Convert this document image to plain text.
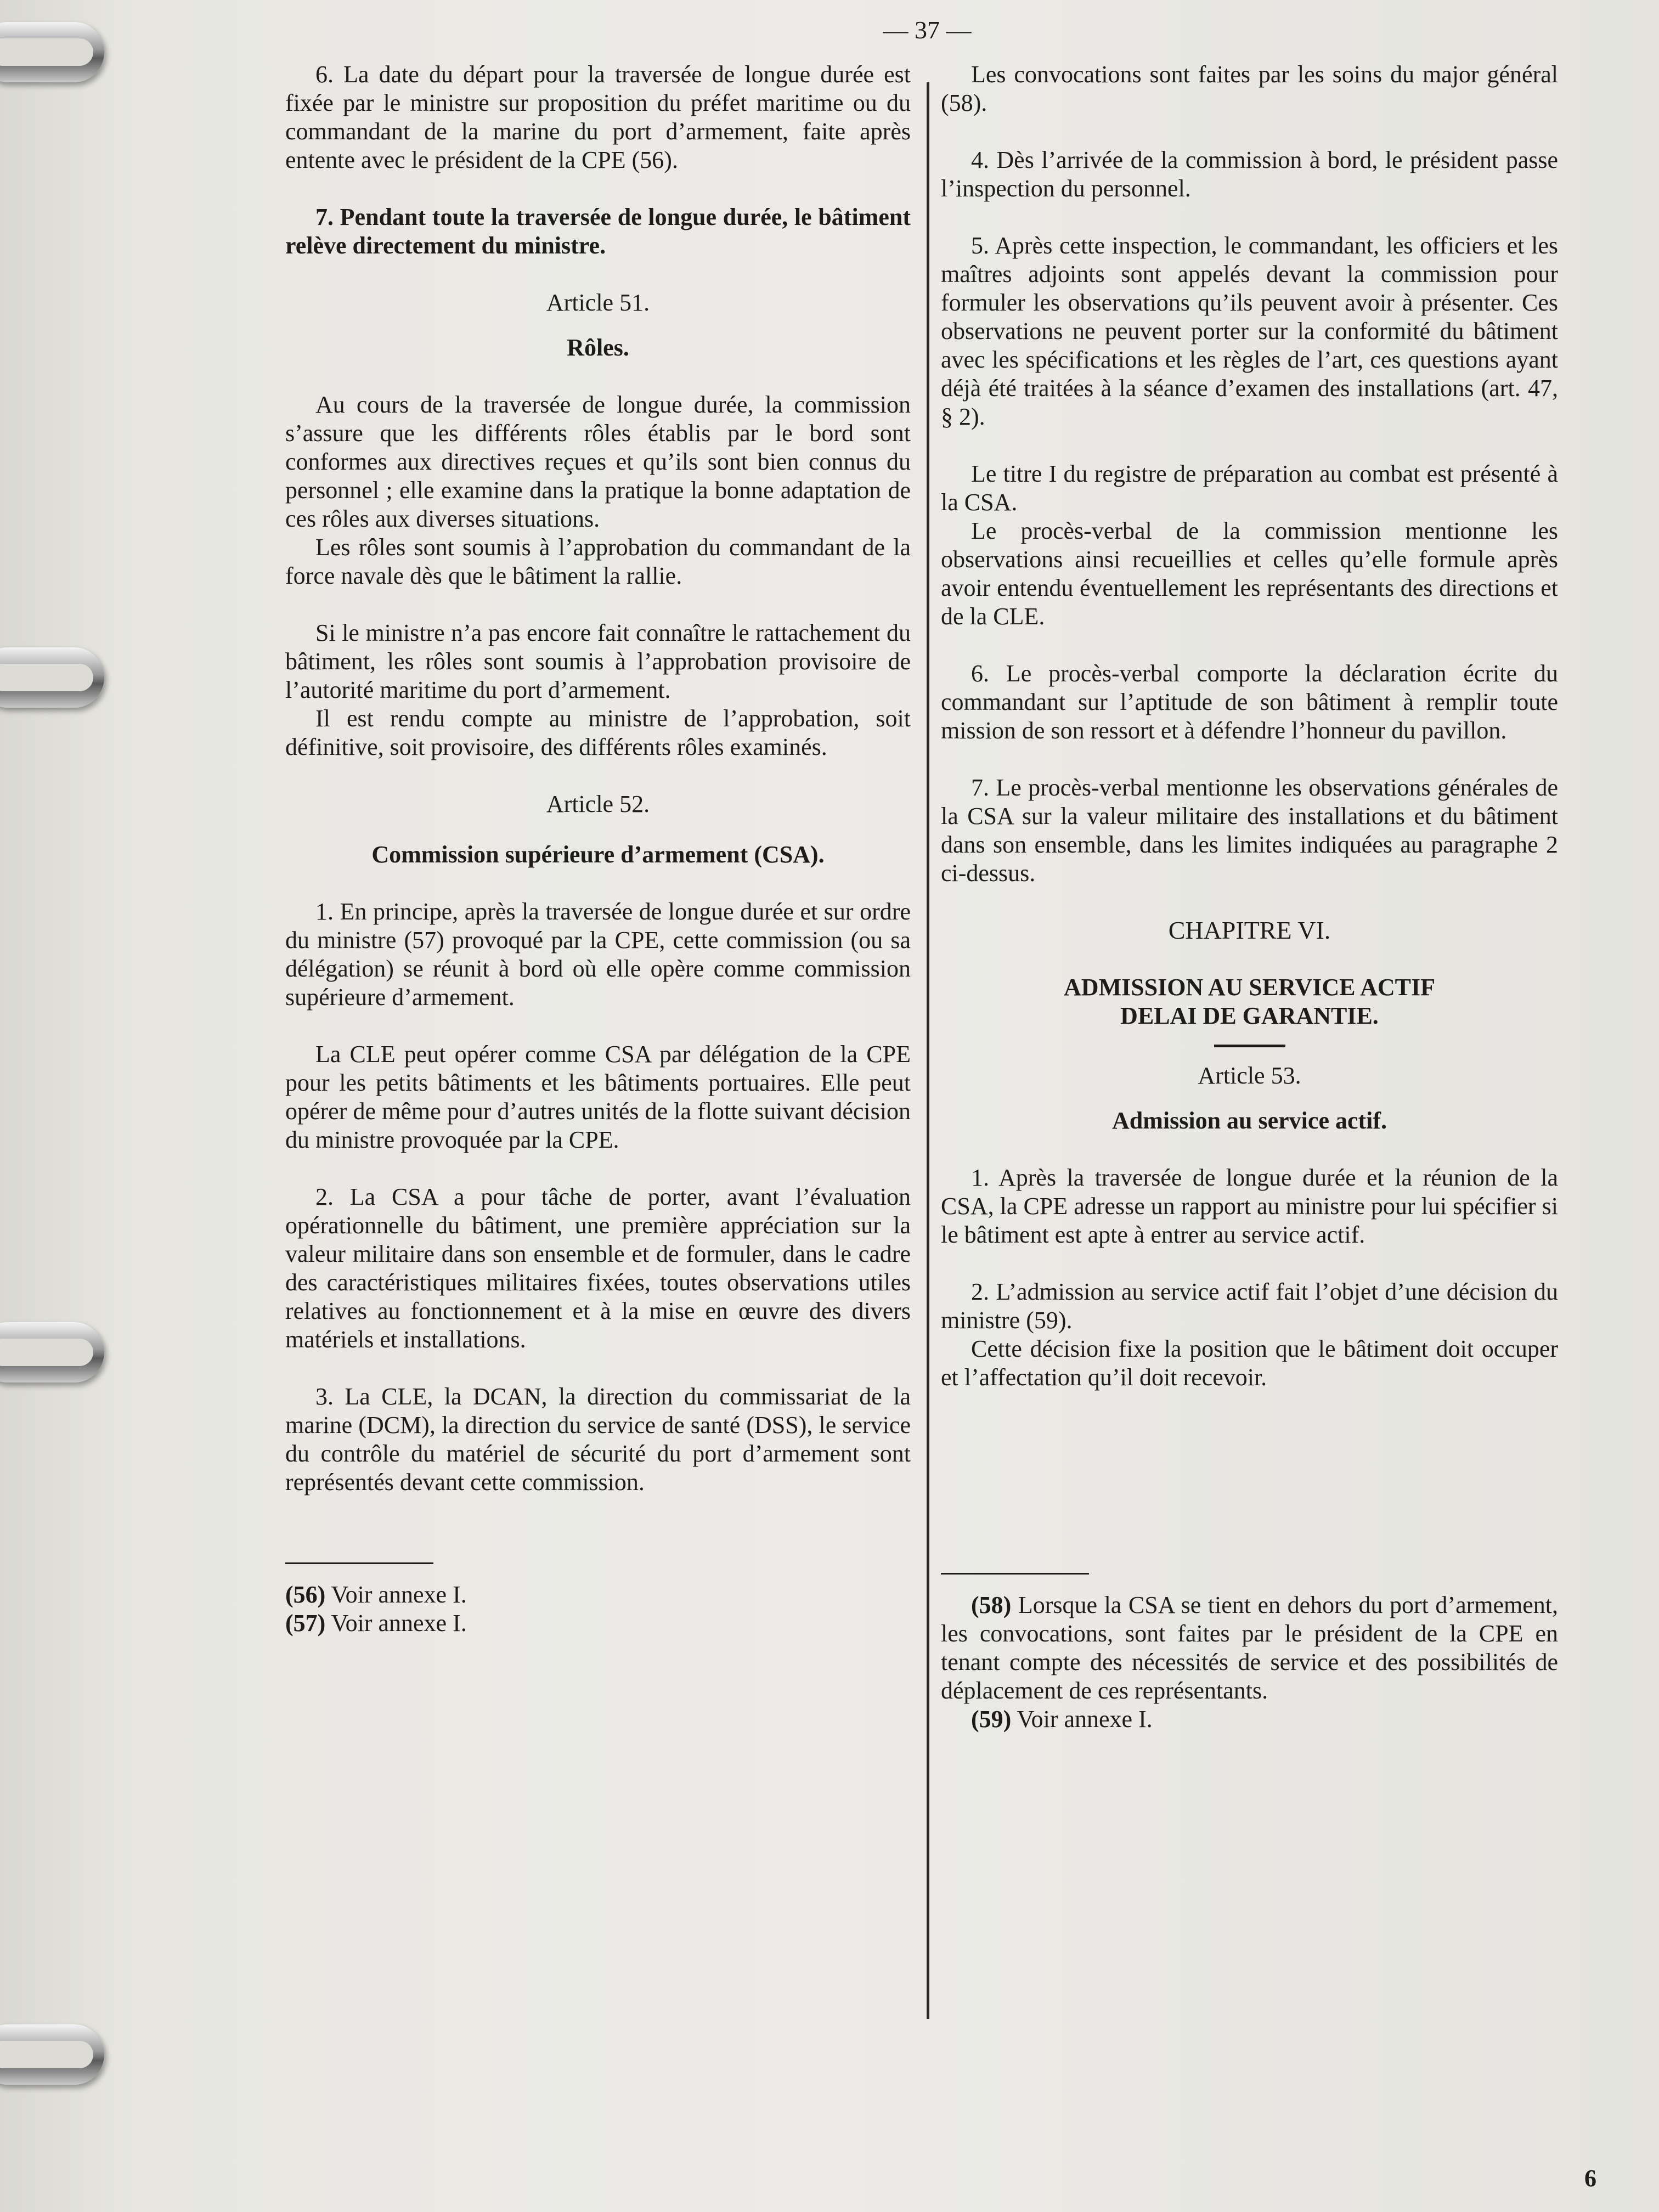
— 37 —

6. La date du départ pour la traversée de longue durée est fixée par le ministre sur proposition du préfet maritime ou du commandant de la marine du port d’armement, faite après entente avec le président de la CPE (56).

7. Pendant toute la traversée de longue durée, le bâtiment relève directement du ministre.

Article 51.

Rôles.

Au cours de la traversée de longue durée, la commission s’assure que les différents rôles établis par le bord sont conformes aux directives reçues et qu’ils sont bien connus du personnel ; elle examine dans la pratique la bonne adaptation de ces rôles aux diverses situations.

Les rôles sont soumis à l’approbation du commandant de la force navale dès que le bâtiment la rallie.

Si le ministre n’a pas encore fait connaître le rattachement du bâtiment, les rôles sont soumis à l’approbation provisoire de l’autorité maritime du port d’armement.

Il est rendu compte au ministre de l’approbation, soit définitive, soit provisoire, des différents rôles examinés.

Article 52.

Commission supérieure d’armement (CSA).

1. En principe, après la traversée de longue durée et sur ordre du ministre (57) provoqué par la CPE, cette commission (ou sa délégation) se réunit à bord où elle opère comme commission supérieure d’armement.

La CLE peut opérer comme CSA par délégation de la CPE pour les petits bâtiments et les bâtiments portuaires. Elle peut opérer de même pour d’autres unités de la flotte suivant décision du ministre provoquée par la CPE.

2. La CSA a pour tâche de porter, avant l’évaluation opérationnelle du bâtiment, une première appréciation sur la valeur militaire dans son ensemble et de formuler, dans le cadre des caractéristiques militaires fixées, toutes observations utiles relatives au fonctionnement et à la mise en œuvre des divers matériels et installations.

3. La CLE, la DCAN, la direction du commissariat de la marine (DCM), la direction du service de santé (DSS), le service du contrôle du matériel de sécurité du port d’armement sont représentés devant cette commission.

(56) Voir annexe I.

(57) Voir annexe I.

Les convocations sont faites par les soins du major général (58).

4. Dès l’arrivée de la commission à bord, le président passe l’inspection du personnel.

5. Après cette inspection, le commandant, les officiers et les maîtres adjoints sont appelés devant la commission pour formuler les observations qu’ils peuvent avoir à présenter. Ces observations ne peuvent porter sur la conformité du bâtiment avec les spécifications et les règles de l’art, ces questions ayant déjà été traitées à la séance d’examen des installations (art. 47, § 2).

Le titre I du registre de préparation au combat est présenté à la CSA.

Le procès-verbal de la commission mentionne les observations ainsi recueillies et celles qu’elle formule après avoir entendu éventuellement les représentants des directions et de la CLE.

6. Le procès-verbal comporte la déclaration écrite du commandant sur l’aptitude de son bâtiment à remplir toute mission de son ressort et à défendre l’honneur du pavillon.

7. Le procès-verbal mentionne les observations générales de la CSA sur la valeur militaire des installations et du bâtiment dans son ensemble, dans les limites indiquées au paragraphe 2 ci-dessus.

CHAPITRE VI.

ADMISSION AU SERVICE ACTIF

DELAI DE GARANTIE.

Article 53.

Admission au service actif.

1. Après la traversée de longue durée et la réunion de la CSA, la CPE adresse un rapport au ministre pour lui spécifier si le bâtiment est apte à entrer au service actif.

2. L’admission au service actif fait l’objet d’une décision du ministre (59).

Cette décision fixe la position que le bâtiment doit occuper et l’affectation qu’il doit recevoir.

(58) Lorsque la CSA se tient en dehors du port d’armement, les convocations, sont faites par le président de la CPE en tenant compte des nécessités de service et des possibilités de déplacement de ces représentants.

(59) Voir annexe I.

6
